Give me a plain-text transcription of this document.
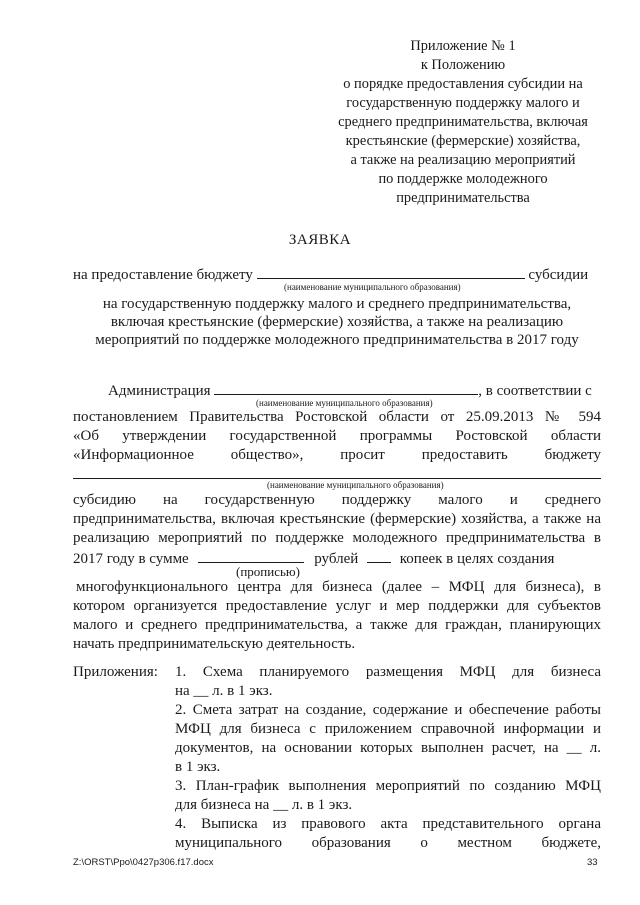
Приложение № 1
к Положению
о порядке предоставления субсидии на
государственную поддержку малого и
среднего предпринимательства, включая
крестьянские (фермерские) хозяйства,
а также на реализацию мероприятий
по поддержке молодежного
предпринимательства
ЗАЯВКА
на предоставление бюджету	субсидии
(наименование муниципального образования)
на государственную поддержку малого и среднего предпринимательства,
включая крестьянские (фермерские) хозяйства, а также на реализацию
мероприятий по поддержке молодежного предпринимательства в 2017 году
Администрация	, в соответствии с
(наименование муниципального образования)
постановлением Правительства Ростовской области от 25.09.2013 № 594
«Об утверждении государственной программы Ростовской области
«Информационное общество», просит предоставить бюджету
(наименование муниципального образования)
субсидию на государственную поддержку малого и среднего
предпринимательства, включая крестьянские (фермерские) хозяйства, а также на
реализацию мероприятий по поддержке молодежного предпринимательства в
2017 году в сумме	рублей	копеек в целях создания
(прописью)
многофункционального центра для бизнеса (далее – МФЦ для бизнеса), в
котором организуется предоставление услуг и мер поддержки для субъектов
малого и среднего предпринимательства, а также для граждан, планирующих
начать предпринимательскую деятельность.
Приложения: 1. Схема планируемого размещения МФЦ для бизнеса
на __ л. в 1 экз.
2. Смета затрат на создание, содержание и обеспечение работы
МФЦ для бизнеса с приложением справочной информации и
документов, на основании которых выполнен расчет, на __ л.
в 1 экз.
3. План-график выполнения мероприятий по созданию МФЦ
для бизнеса на __ л. в 1 экз.
4. Выписка из правового акта представительного органа
муниципального образования о местном бюджете,
Z:\ORST\Ppo\0427p306.f17.docx	33
